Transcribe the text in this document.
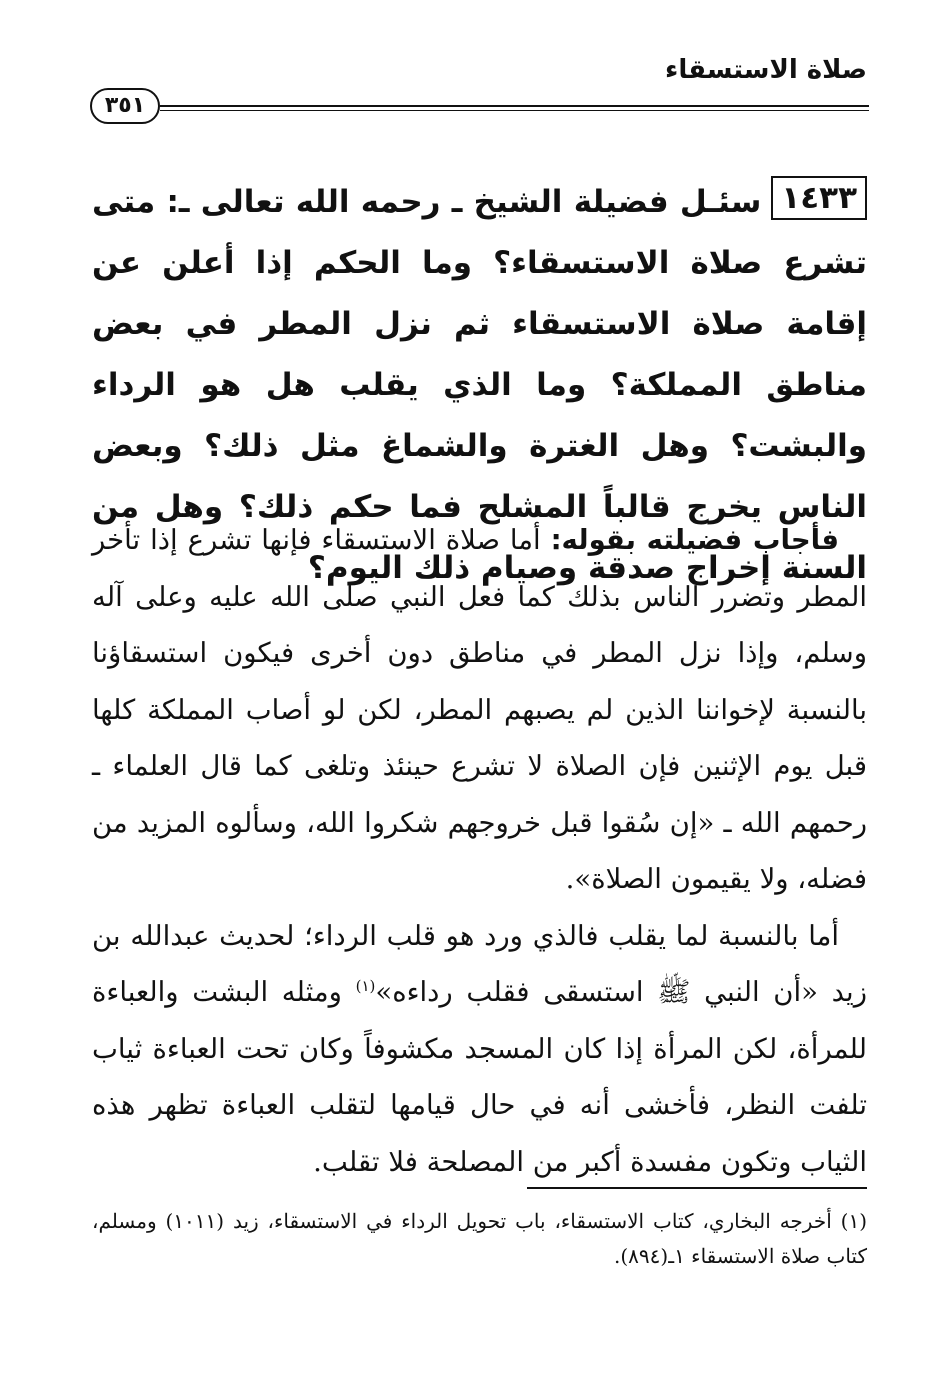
صلاة الاستسقاء
٣٥١
١٤٣٣سئـل فضيلة الشيخ ـ رحمه الله تعالى ـ: متى تشرع صلاة الاستسقاء؟ وما الحكم إذا أعلن عن إقامة صلاة الاستسقاء ثم نزل المطر في بعض مناطق المملكة؟ وما الذي يقلب هل هو الرداء والبشت؟ وهل الغترة والشماغ مثل ذلك؟ وبعض الناس يخرج قالباً المشلح فما حكم ذلك؟ وهل من السنة إخراج صدقة وصيام ذلك اليوم؟

فأجاب فضيلته بقوله: أما صلاة الاستسقاء فإنها تشرع إذا تأخر المطر وتضرر الناس بذلك كما فعل النبي صلى الله عليه وعلى آله وسلم، وإذا نزل المطر في مناطق دون أخرى فيكون استسقاؤنا بالنسبة لإخواننا الذين لم يصبهم المطر، لكن لو أصاب المملكة كلها قبل يوم الإثنين فإن الصلاة لا تشرع حينئذ وتلغى كما قال العلماء ـ رحمهم الله ـ «إن سُقوا قبل خروجهم شكروا الله، وسألوه المزيد من فضله، ولا يقيمون الصلاة».

أما بالنسبة لما يقلب فالذي ورد هو قلب الرداء؛ لحديث عبدالله بن زيد «أن النبي ﷺ استسقى فقلب رداءه»$^{(١)}$ ومثله البشت والعباءة للمرأة، لكن المرأة إذا كان المسجد مكشوفاً وكان تحت العباءة ثياب تلفت النظر، فأخشى أنه في حال قيامها لتقلب العباءة تظهر هذه الثياب وتكون مفسدة أكبر من المصلحة فلا تقلب.

(١) أخرجه البخاري، كتاب الاستسقاء، باب تحويل الرداء في الاستسقاء، زيد (١٠١١) ومسلم، كتاب صلاة الاستسقاء ١ـ(٨٩٤).
